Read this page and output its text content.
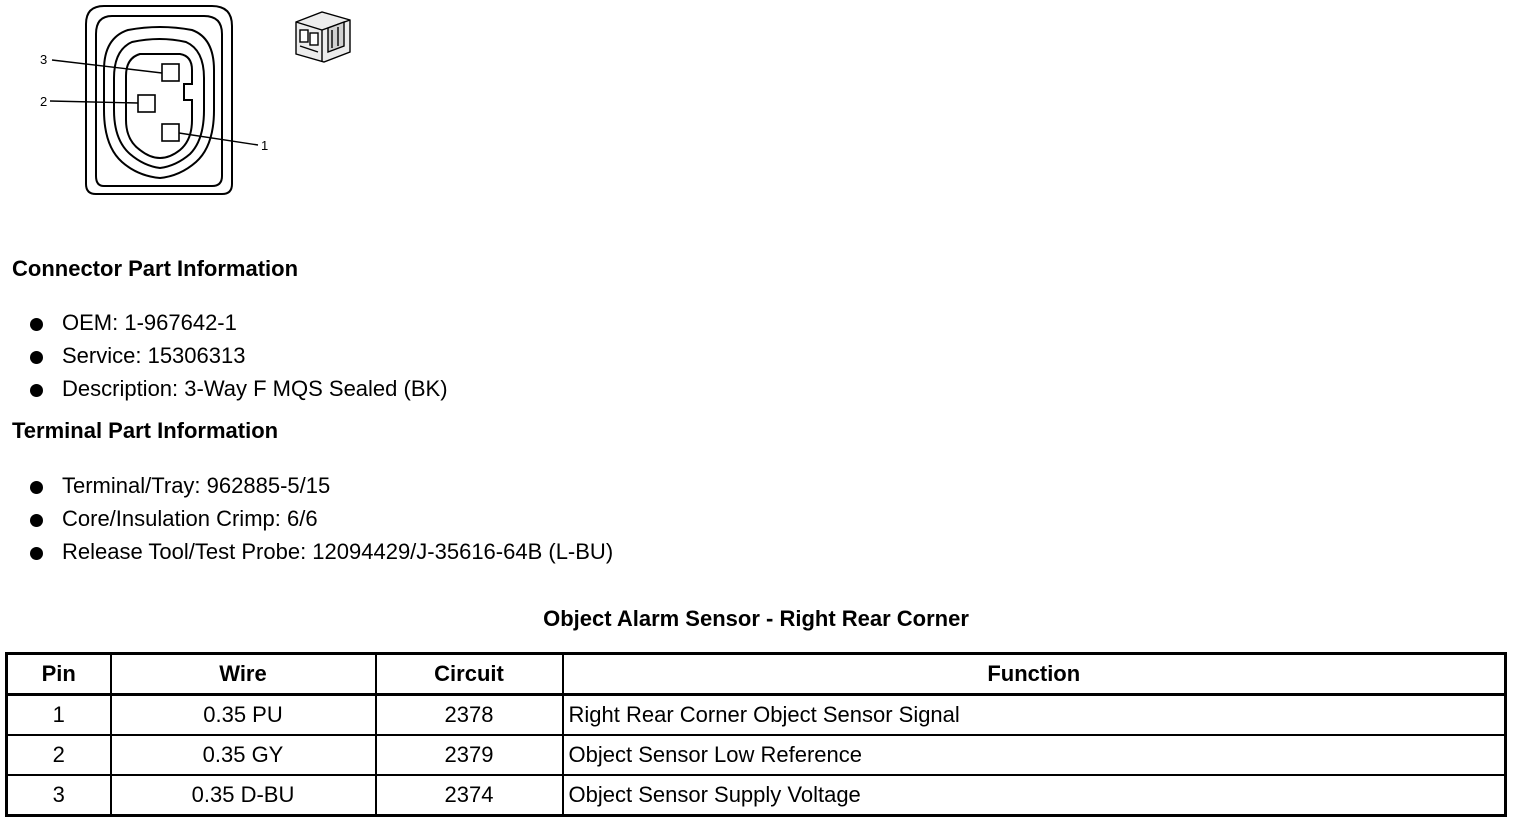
3
2
1
Connector Part Information
OEM: 1-967642-1
Service: 15306313
Description: 3-Way F MQS Sealed (BK)
Terminal Part Information
Terminal/Tray: 962885-5/15
Core/Insulation Crimp: 6/6
Release Tool/Test Probe: 12094429/J-35616-64B (L-BU)
Object Alarm Sensor - Right Rear Corner
Pin	Wire	Circuit	Function
1	0.35 PU	2378	Right Rear Corner Object Sensor Signal
2	0.35 GY	2379	Object Sensor Low Reference
3	0.35 D-BU	2374	Object Sensor Supply Voltage
